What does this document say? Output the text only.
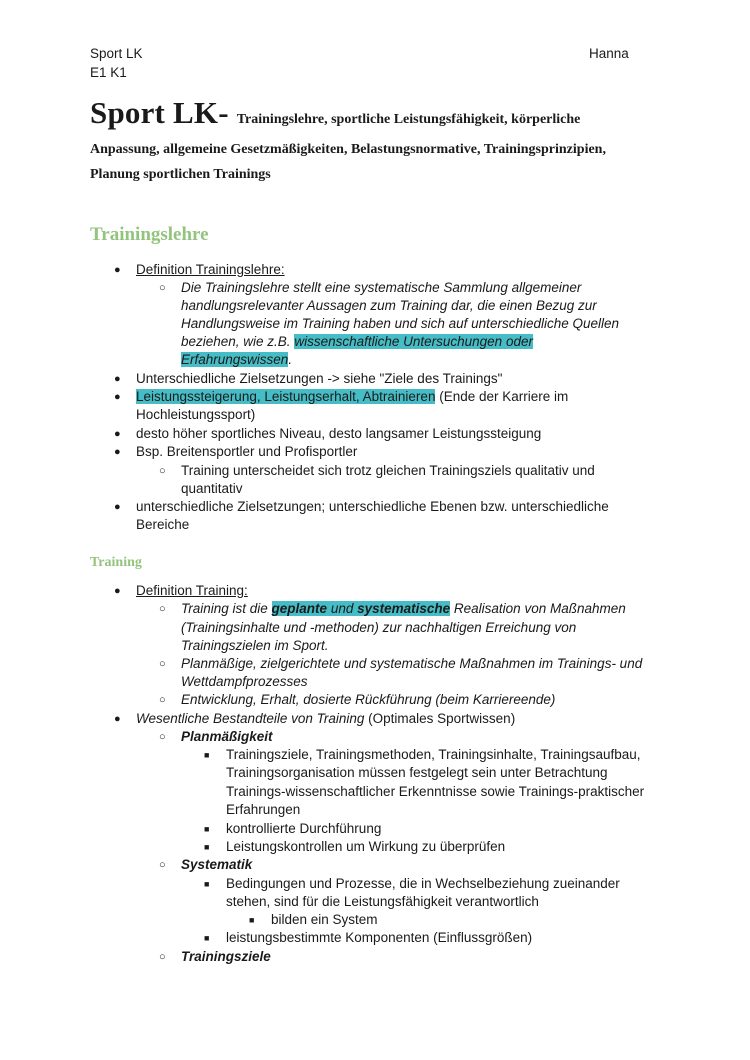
Sport LK
E1 K1
Hanna
Sport LK- Trainingslehre, sportliche Leistungsfähigkeit, körperliche
Anpassung, allgemeine Gesetzmäßigkeiten, Belastungsnormative, Trainingsprinzipien,
Planung sportlichen Trainings
Trainingslehre
● Definition Trainingslehre:
○ Die Trainingslehre stellt eine systematische Sammlung allgemeiner
handlungsrelevanter Aussagen zum Training dar, die einen Bezug zur
Handlungsweise im Training haben und sich auf unterschiedliche Quellen
beziehen, wie z.B. wissenschaftliche Untersuchungen oder
Erfahrungswissen.
● Unterschiedliche Zielsetzungen -> siehe "Ziele des Trainings"
● Leistungssteigerung, Leistungserhalt, Abtrainieren (Ende der Karriere im
Hochleistungssport)
● desto höher sportliches Niveau, desto langsamer Leistungssteigung
● Bsp. Breitensportler und Profisportler
○ Training unterscheidet sich trotz gleichen Trainingsziels qualitativ und
quantitativ
● unterschiedliche Zielsetzungen; unterschiedliche Ebenen bzw. unterschiedliche
Bereiche
Training
● Definition Training:
○ Training ist die geplante und systematische Realisation von Maßnahmen
(Trainingsinhalte und -methoden) zur nachhaltigen Erreichung von
Trainingszielen im Sport.
○ Planmäßige, zielgerichtete und systematische Maßnahmen im Trainings- und
Wettdampfprozesses
○ Entwicklung, Erhalt, dosierte Rückführung (beim Karriereende)
● Wesentliche Bestandteile von Training (Optimales Sportwissen)
○ Planmäßigkeit
■ Trainingsziele, Trainingsmethoden, Trainingsinhalte, Trainingsaufbau,
Trainingsorganisation müssen festgelegt sein unter Betrachtung
Trainings-wissenschaftlicher Erkenntnisse sowie Trainings-praktischer
Erfahrungen
■ kontrollierte Durchführung
■ Leistungskontrollen um Wirkung zu überprüfen
○ Systematik
■ Bedingungen und Prozesse, die in Wechselbeziehung zueinander
stehen, sind für die Leistungsfähigkeit verantwortlich
■ bilden ein System
■ leistungsbestimmte Komponenten (Einflussgrößen)
○ Trainingsziele
